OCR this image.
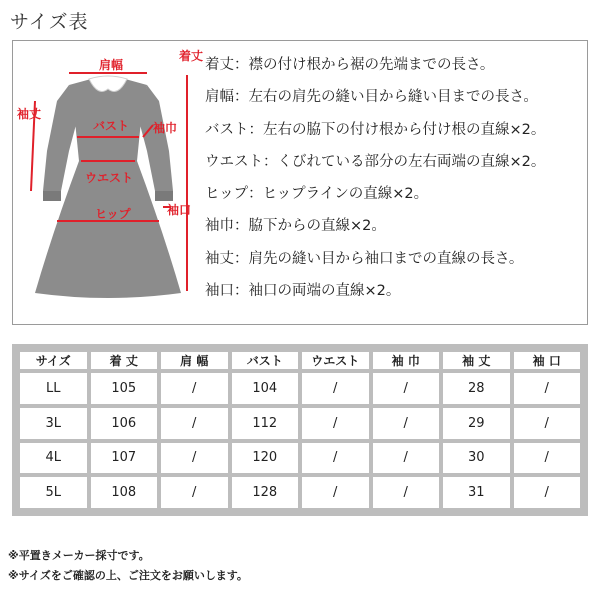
サイズ表
肩幅
着丈
袖丈
バスト 袖巾
ウエスト
袖口
ヒップ
着丈：襟の付け根から裾の先端までの長さ。
肩幅：左右の肩先の縫い目から縫い目までの長さ。
バスト：左右の脇下の付け根から付け根の直線×2。
ウエスト：くびれている部分の左右両端の直線×2。
ヒップ：ヒップラインの直線×2。
袖巾：脇下からの直線×2。
袖丈：肩先の縫い目から袖口までの直線の長さ。
袖口：袖口の両端の直線×2。
サイズ	着 丈	肩 幅	バスト	ウエスト	袖 巾	袖 丈	袖 口
LL	105	/	104	/	/	28	/
3L	106	/	112	/	/	29	/
4L	107	/	120	/	/	30	/
5L	108	/	128	/	/	31	/
※平置きメーカー採寸です。
※サイズをご確認の上、ご注文をお願いします。
